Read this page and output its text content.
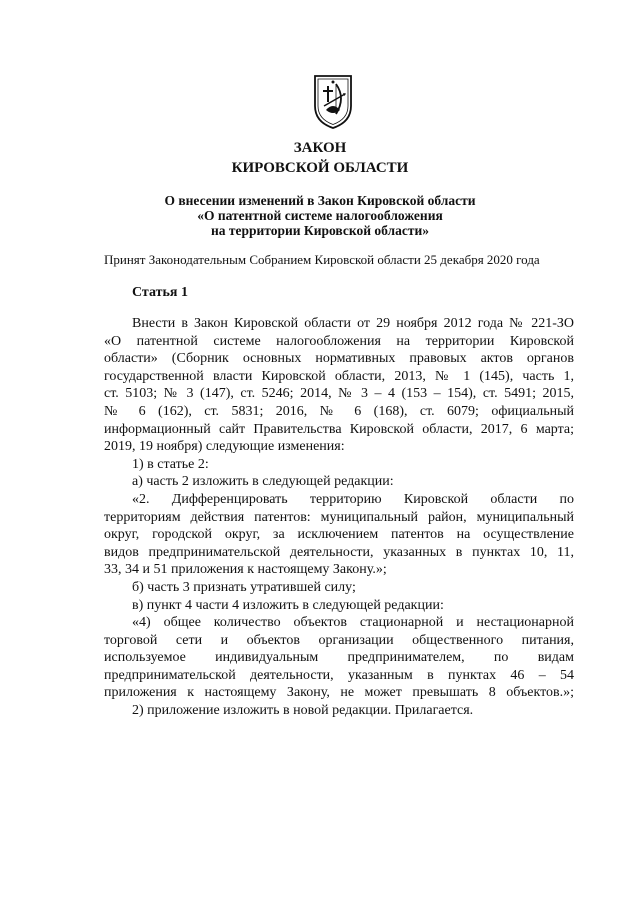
ЗАКОН
КИРОВСКОЙ ОБЛАСТИ
О внесении изменений в Закон Кировской области
«О патентной системе налогообложения
на территории Кировской области»
Принят Законодательным Собранием Кировской области 25 декабря 2020 года
Статья 1

Внести в Закон Кировской области от 29 ноября 2012 года № 221-ЗО

«О патентной системе налогообложения на территории Кировской

области» (Сборник основных нормативных правовых актов органов

государственной власти Кировской области, 2013, № 1 (145), часть 1,

ст. 5103; № 3 (147), ст. 5246; 2014, № 3 – 4 (153 – 154), ст. 5491; 2015,

№ 6 (162), ст. 5831; 2016, № 6 (168), ст. 6079; официальный

информационный сайт Правительства Кировской области, 2017, 6 марта;

2019, 19 ноября) следующие изменения:

1) в статье 2:

а) часть 2 изложить в следующей редакции:

«2. Дифференцировать территорию Кировской области по

территориям действия патентов: муниципальный район, муниципальный

округ, городской округ, за исключением патентов на осуществление

видов предпринимательской деятельности, указанных в пунктах 10, 11,

33, 34 и 51 приложения к настоящему Закону.»;

б) часть 3 признать утратившей силу;

в) пункт 4 части 4 изложить в следующей редакции:

«4) общее количество объектов стационарной и нестационарной

торговой сети и объектов организации общественного питания,

используемое индивидуальным предпринимателем, по видам

предпринимательской деятельности, указанным в пунктах 46 – 54

приложения к настоящему Закону, не может превышать 8 объектов.»;

2) приложение изложить в новой редакции. Прилагается.
